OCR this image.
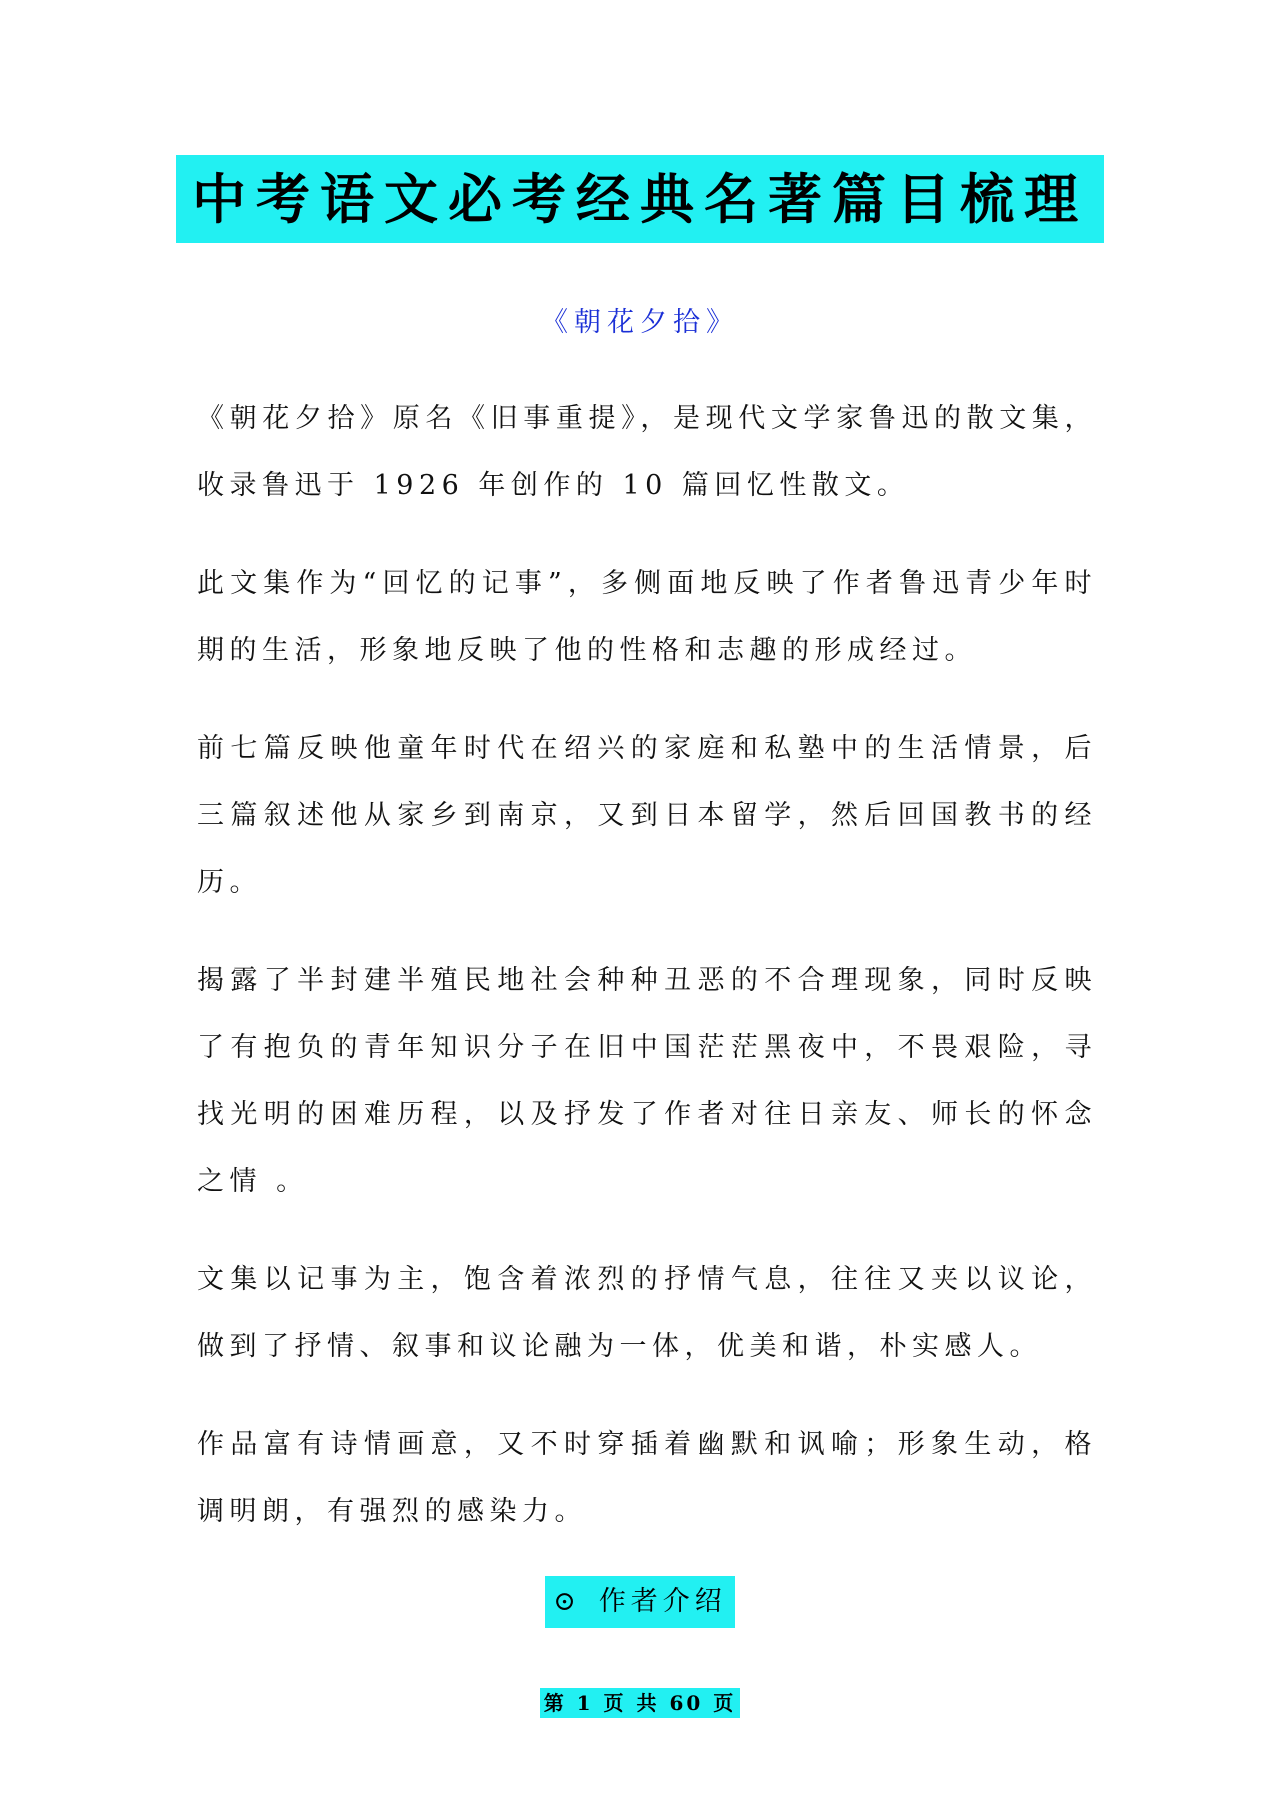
中考语文必考经典名著篇目梳理
《朝花夕拾》

《朝花夕拾》原名《旧事重提》，是现代文学家鲁迅的散文集，收录鲁迅于 1926 年创作的 10 篇回忆性散文。

此文集作为“回忆的记事”，多侧面地反映了作者鲁迅青少年时期的生活，形象地反映了他的性格和志趣的形成经过。

前七篇反映他童年时代在绍兴的家庭和私塾中的生活情景，后三篇叙述他从家乡到南京，又到日本留学，然后回国教书的经历。

揭露了半封建半殖民地社会种种丑恶的不合理现象，同时反映了有抱负的青年知识分子在旧中国茫茫黑夜中，不畏艰险，寻找光明的困难历程，以及抒发了作者对往日亲友、师长的怀念之情 。

文集以记事为主，饱含着浓烈的抒情气息，往往又夹以议论，做到了抒情、叙事和议论融为一体，优美和谐，朴实感人。

作品富有诗情画意，又不时穿插着幽默和讽喻；形象生动，格调明朗，有强烈的感染力。

⊙ 作者介绍
第 1 页 共 60 页
